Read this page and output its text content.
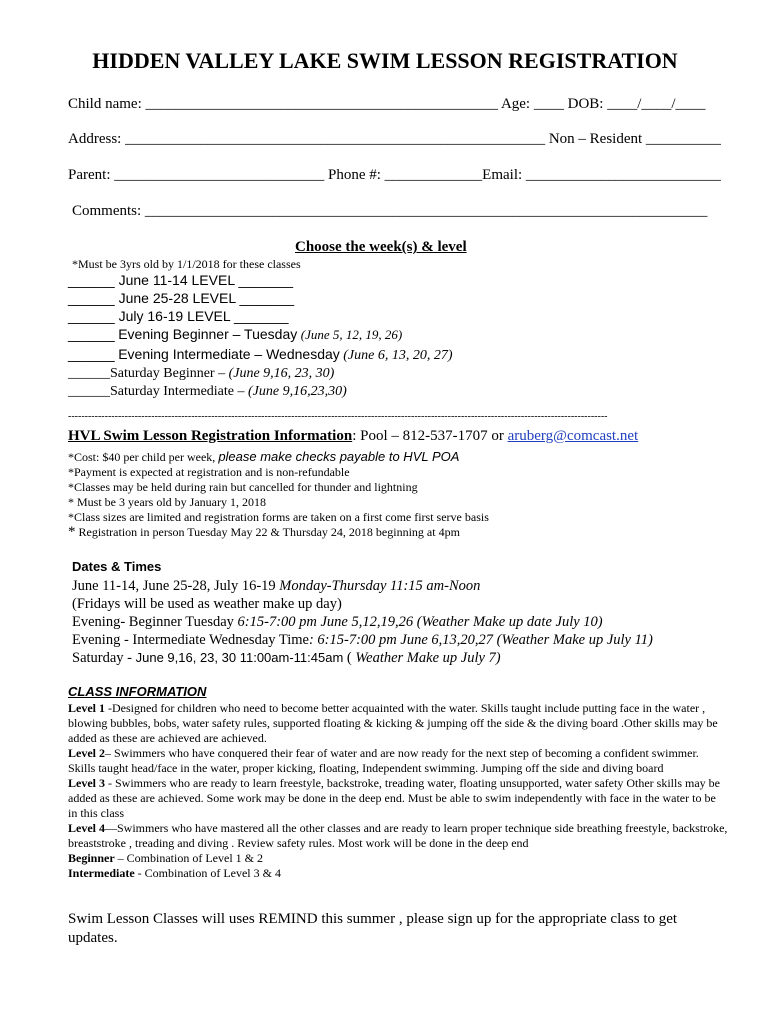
HIDDEN VALLEY LAKE SWIM LESSON REGISTRATION
Child name: _______________________________________________ Age: ____ DOB: ____/____/____
Address: ________________________________________________________ Non – Resident __________
Parent: ____________________________ Phone #: _____________Email: __________________________
Comments: ___________________________________________________________________________
Choose the week(s) & level
*Must be 3yrs old by 1/1/2018 for these classes
______ June 11-14 LEVEL _______
______ June 25-28 LEVEL _______
______ July 16-19 LEVEL _______
______ Evening Beginner – Tuesday (June 5, 12, 19, 26)
______ Evening Intermediate – Wednesday (June 6, 13, 20, 27)
______Saturday Beginner – (June 9,16, 23, 30)
______Saturday Intermediate – (June 9,16,23,30)
------------------------------------------------------------------------------------------------------------------------------------------------------------------
HVL Swim Lesson Registration Information: Pool – 812-537-1707 or aruberg@comcast.net
*Cost: $40 per child per week, please make checks payable to HVL POA
*Payment is expected at registration and is non-refundable
*Classes may be held during rain but cancelled for thunder and lightning
* Must be 3 years old by January 1, 2018
*Class sizes are limited and registration forms are taken on a first come first serve basis
* Registration in person Tuesday May 22 & Thursday 24, 2018 beginning at 4pm
Dates & Times
June 11-14, June 25-28, July 16-19 Monday-Thursday 11:15 am-Noon
(Fridays will be used as weather make up day)
Evening- Beginner Tuesday 6:15-7:00 pm June 5,12,19,26 (Weather Make up date July 10)
Evening - Intermediate Wednesday Time: 6:15-7:00 pm June 6,13,20,27 (Weather Make up July 11)
Saturday - June 9,16, 23, 30 11:00am-11:45am ( Weather Make up July 7)
CLASS INFORMATION
Level 1 -Designed for children who need to become better acquainted with the water. Skills taught include putting face in the water , blowing bubbles, bobs, water safety rules, supported floating & kicking & jumping off the side & the diving board .Other skills may be added as these are achieved are achieved.
Level 2– Swimmers who have conquered their fear of water and are now ready for the next step of becoming a confident swimmer. Skills taught head/face in the water, proper kicking, floating, Independent swimming. Jumping off the side and diving board
Level 3 - Swimmers who are ready to learn freestyle, backstroke, treading water, floating unsupported, water safety Other skills may be added as these are achieved. Some work may be done in the deep end. Must be able to swim independently with face in the water to be in this class
Level 4—Swimmers who have mastered all the other classes and are ready to learn proper technique side breathing freestyle, backstroke, breaststroke , treading and diving . Review safety rules. Most work will be done in the deep end
Beginner – Combination of Level 1 & 2
Intermediate - Combination of Level 3 & 4
Swim Lesson Classes will uses REMIND this summer , please sign up for the appropriate class to get updates.
